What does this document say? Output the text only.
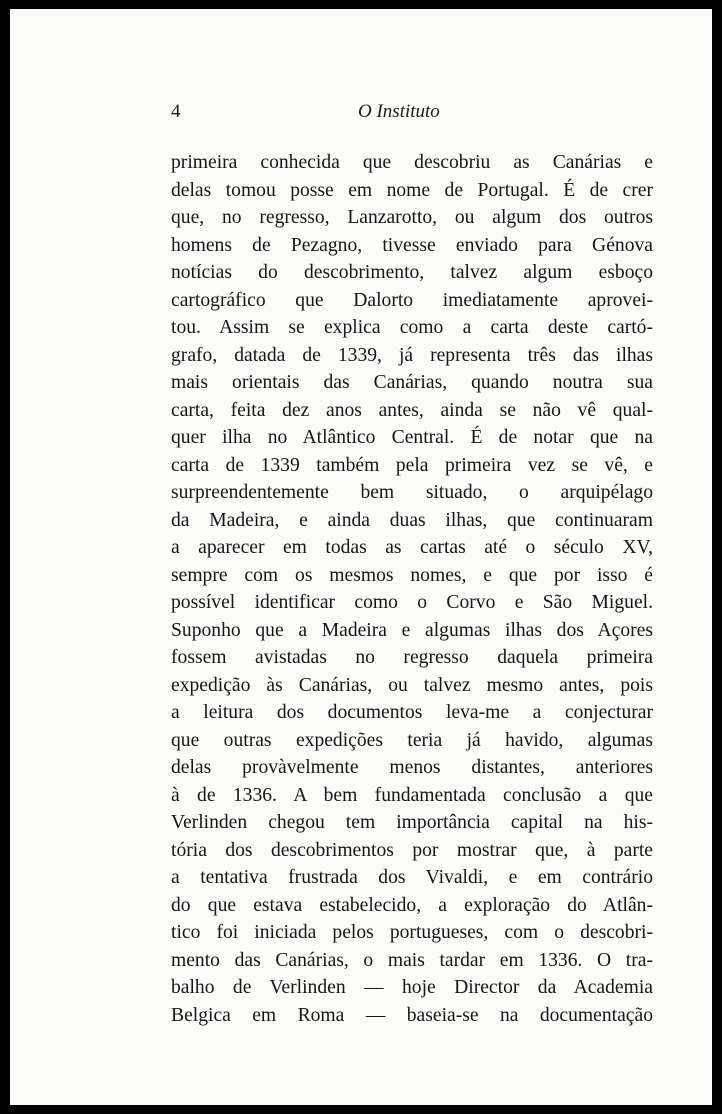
4	O Instituto
primeira conhecida que descobriu as Canárias e
delas tomou posse em nome de Portugal. É de crer
que, no regresso, Lanzarotto, ou algum dos outros
homens de Pezagno, tivesse enviado para Génova
notícias do descobrimento, talvez algum esboço
cartográfico que Dalorto imediatamente aprovei-
tou. Assim se explica como a carta deste cartó-
grafo, datada de 1339, já representa três das ilhas
mais orientais das Canárias, quando noutra sua
carta, feita dez anos antes, ainda se não vê qual-
quer ilha no Atlântico Central. É de notar que na
carta de 1339 também pela primeira vez se vê, e
surpreendentemente bem situado, o arquipélago
da Madeira, e ainda duas ilhas, que continuaram
a aparecer em todas as cartas até o século XV,
sempre com os mesmos nomes, e que por isso é
possível identificar como o Corvo e São Miguel.
Suponho que a Madeira e algumas ilhas dos Açores
fossem avistadas no regresso daquela primeira
expedição às Canárias, ou talvez mesmo antes, pois
a leitura dos documentos leva-me a conjecturar
que outras expedições teria já havido, algumas
delas provàvelmente menos distantes, anteriores
à de 1336. A bem fundamentada conclusão a que
Verlinden chegou tem importância capital na his-
tória dos descobrimentos por mostrar que, à parte
a tentativa frustrada dos Vivaldi, e em contrário
do que estava estabelecido, a exploração do Atlân-
tico foi iniciada pelos portugueses, com o descobri-
mento das Canárias, o mais tardar em 1336. O tra-
balho de Verlinden — hoje Director da Academia
Belgica em Roma — baseia-se na documentação
